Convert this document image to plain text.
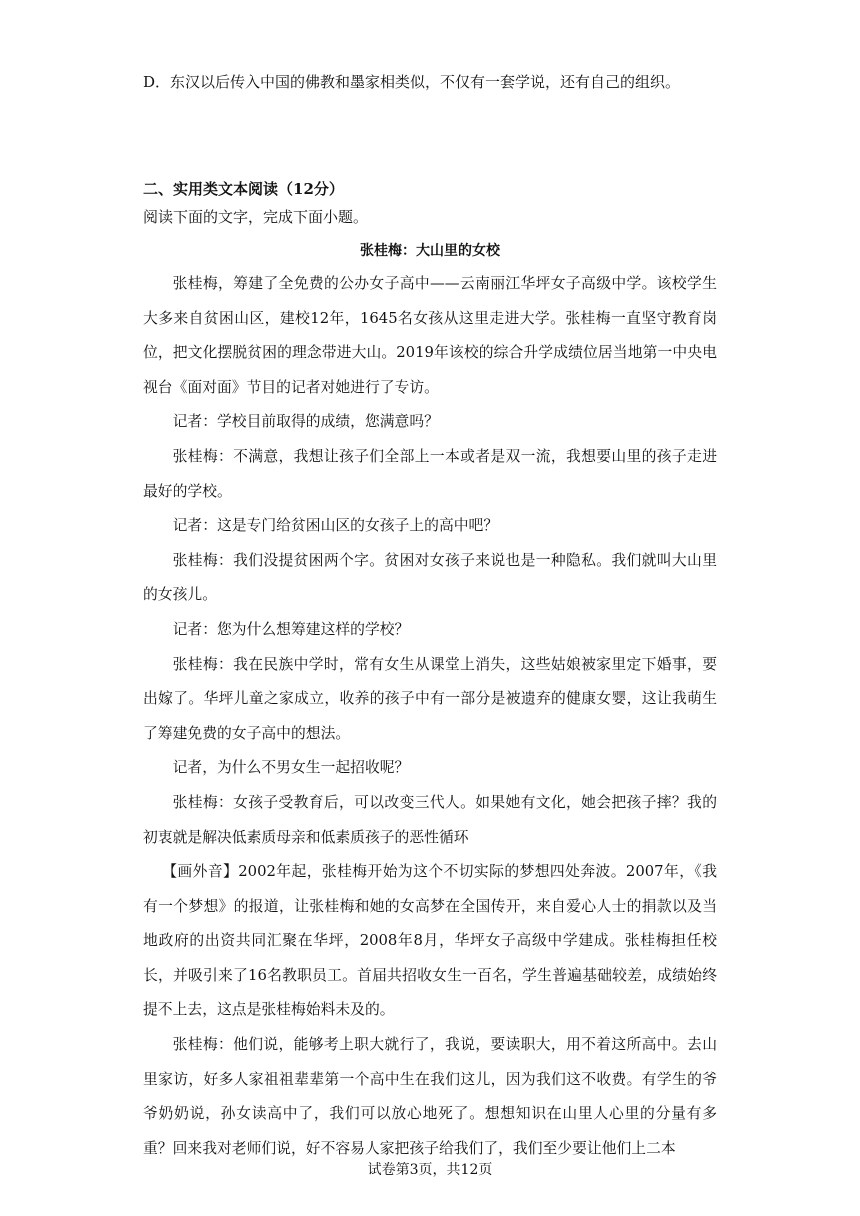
D．东汉以后传入中国的佛教和墨家相类似，不仅有一套学说，还有自己的组织。
二、实用类文本阅读（12分）
阅读下面的文字，完成下面小题。
张桂梅：大山里的女校

张桂梅，筹建了全免费的公办女子高中——云南丽江华坪女子高级中学。该校学生大多来自贫困山区，建校12年，1645名女孩从这里走进大学。张桂梅一直坚守教育岗位，把文化摆脱贫困的理念带进大山。2019年该校的综合升学成绩位居当地第一中央电视台《面对面》节目的记者对她进行了专访。

记者：学校目前取得的成绩，您满意吗？

张桂梅：不满意，我想让孩子们全部上一本或者是双一流，我想要山里的孩子走进最好的学校。

记者：这是专门给贫困山区的女孩子上的高中吧？

张桂梅：我们没提贫困两个字。贫困对女孩子来说也是一种隐私。我们就叫大山里的女孩儿。

记者：您为什么想筹建这样的学校？

张桂梅：我在民族中学时，常有女生从课堂上消失，这些姑娘被家里定下婚事，要出嫁了。华坪儿童之家成立，收养的孩子中有一部分是被遗弃的健康女婴，这让我萌生了筹建免费的女子高中的想法。

记者，为什么不男女生一起招收呢？

张桂梅：女孩子受教育后，可以改变三代人。如果她有文化，她会把孩子摔？我的初衷就是解决低素质母亲和低素质孩子的恶性循环

【画外音】2002年起，张桂梅开始为这个不切实际的梦想四处奔波。2007年，《我有一个梦想》的报道，让张桂梅和她的女高梦在全国传开，来自爱心人士的捐款以及当地政府的出资共同汇聚在华坪，2008年8月，华坪女子高级中学建成。张桂梅担任校长，并吸引来了16名教职员工。首届共招收女生一百名，学生普遍基础较差，成绩始终提不上去，这点是张桂梅始料未及的。

张桂梅：他们说，能够考上职大就行了，我说，要读职大，用不着这所高中。去山里家访，好多人家祖祖辈辈第一个高中生在我们这儿，因为我们这不收费。有学生的爷爷奶奶说，孙女读高中了，我们可以放心地死了。想想知识在山里人心里的分量有多重？回来我对老师们说，好不容易人家把孩子给我们了，我们至少要让他们上二本

试卷第3页，共12页
